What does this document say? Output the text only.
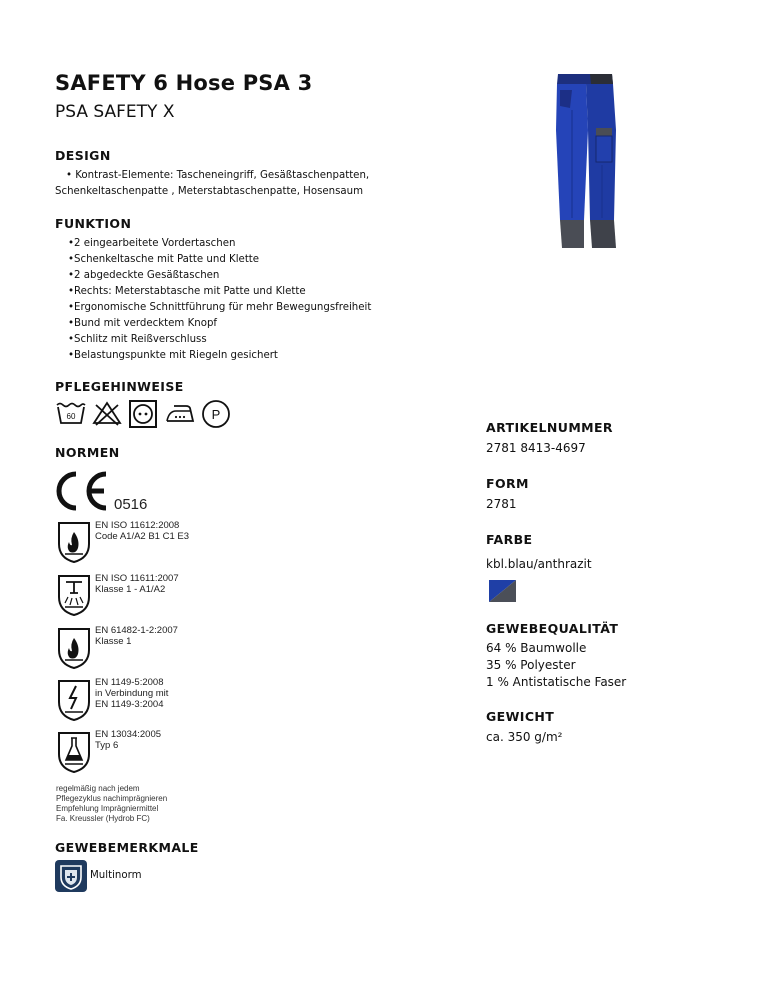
SAFETY 6 Hose PSA 3
PSA SAFETY X
DESIGN
• Kontrast-Elemente: Tascheneingriff, Gesäßtaschenpatten,
Schenkeltaschenpatte , Meterstabtaschenpatte, Hosensaum
FUNKTION
• 2 eingearbeitete Vordertaschen
• Schenkeltasche mit Patte und Klette
• 2 abgedeckte Gesäßtaschen
• Rechts: Meterstabtasche mit Patte und Klette
• Ergonomische Schnittführung für mehr Bewegungsfreiheit
• Bund mit verdecktem Knopf
• Schlitz mit Reißverschluss
• Belastungspunkte mit Riegeln gesichert
PFLEGEHINWEISE
60	P
NORMEN
0516
EN ISO 11612:2008
Code A1/A2 B1 C1 E3
EN ISO 11611:2007
Klasse 1 - A1/A2
EN 61482-1-2:2007
Klasse 1
EN 1149-5:2008
in Verbindung mit
EN 1149-3:2004
EN 13034:2005
Typ 6
regelmäßig nach jedem
Pflegezyklus nachimprägnieren
Empfehlung Imprägniermittel
Fa. Kreussler (Hydrob FC)
GEWEBEMERKMALE
Multinorm
ARTIKELNUMMER
2781 8413-4697
FORM
2781
FARBE
kbl.blau/anthrazit
GEWEBEQUALITÄT
64 % Baumwolle
35 % Polyester
1 % Antistatische Faser
GEWICHT
ca. 350 g/m²
